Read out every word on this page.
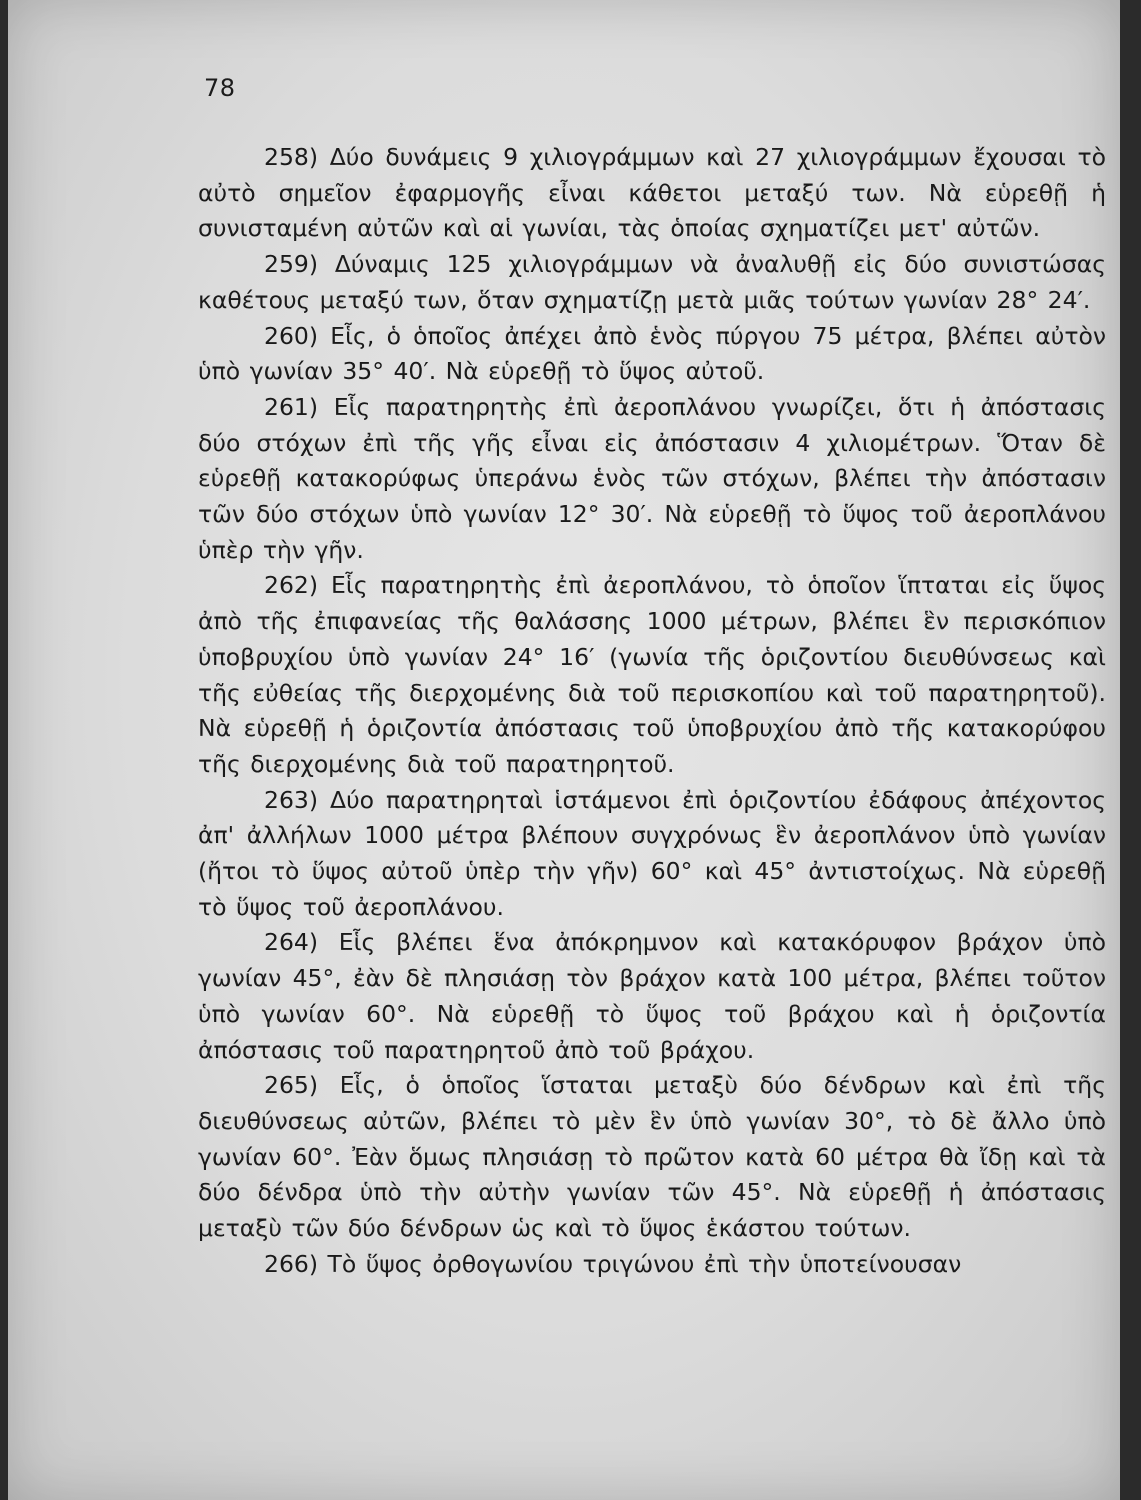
78

258) Δύο δυνάμεις 9 χιλιογράμμων καὶ 27 χιλιογράμμων ἔχουσαι τὸ αὐτὸ σημεῖον ἐφαρμογῆς εἶναι κάθετοι μεταξύ των. Νὰ εὑρεθῇ ἡ συνισταμένη αὐτῶν καὶ αἱ γωνίαι, τὰς ὁποίας σχηματίζει μετ' αὐτῶν.

259) Δύναμις 125 χιλιογράμμων νὰ ἀναλυθῇ εἰς δύο συνιστώσας καθέτους μεταξύ των, ὅταν σχηματίζῃ μετὰ μιᾶς τούτων γωνίαν 28° 24′.

260) Εἷς, ὁ ὁποῖος ἀπέχει ἀπὸ ἑνὸς πύργου 75 μέτρα, βλέπει αὐτὸν ὑπὸ γωνίαν 35° 40′. Νὰ εὑρεθῇ τὸ ὕψος αὐτοῦ.

261) Εἷς παρατηρητὴς ἐπὶ ἀεροπλάνου γνωρίζει, ὅτι ἡ ἀπόστασις δύο στόχων ἐπὶ τῆς γῆς εἶναι εἰς ἀπόστασιν 4 χιλιομέτρων. Ὅταν δὲ εὑρεθῇ κατακορύφως ὑπεράνω ἑνὸς τῶν στόχων, βλέπει τὴν ἀπόστασιν τῶν δύο στόχων ὑπὸ γωνίαν 12° 30′. Νὰ εὑρεθῇ τὸ ὕψος τοῦ ἀεροπλάνου ὑπὲρ τὴν γῆν.

262) Εἷς παρατηρητὴς ἐπὶ ἀεροπλάνου, τὸ ὁποῖον ἵπταται εἰς ὕψος ἀπὸ τῆς ἐπιφανείας τῆς θαλάσσης 1000 μέτρων, βλέπει ἓν περισκόπιον ὑποβρυχίου ὑπὸ γωνίαν 24° 16′ (γωνία τῆς ὁριζοντίου διευθύνσεως καὶ τῆς εὐθείας τῆς διερχομένης διὰ τοῦ περισκοπίου καὶ τοῦ παρατηρητοῦ). Νὰ εὑρεθῇ ἡ ὁριζοντία ἀπόστασις τοῦ ὑποβρυχίου ἀπὸ τῆς κατακορύφου τῆς διερχομένης διὰ τοῦ παρατηρητοῦ.

263) Δύο παρατηρηταὶ ἱστάμενοι ἐπὶ ὁριζοντίου ἐδάφους ἀπέχοντος ἀπ' ἀλλήλων 1000 μέτρα βλέπουν συγχρόνως ἓν ἀεροπλάνον ὑπὸ γωνίαν (ἤτοι τὸ ὕψος αὐτοῦ ὑπὲρ τὴν γῆν) 60° καὶ 45° ἀντιστοίχως. Νὰ εὑρεθῇ τὸ ὕψος τοῦ ἀεροπλάνου.

264) Εἷς βλέπει ἕνα ἀπόκρημνον καὶ κατακόρυφον βράχον ὑπὸ γωνίαν 45°, ἐὰν δὲ πλησιάσῃ τὸν βράχον κατὰ 100 μέτρα, βλέπει τοῦτον ὑπὸ γωνίαν 60°. Νὰ εὑρεθῇ τὸ ὕψος τοῦ βράχου καὶ ἡ ὁριζοντία ἀπόστασις τοῦ παρατηρητοῦ ἀπὸ τοῦ βράχου.

265) Εἷς, ὁ ὁποῖος ἵσταται μεταξὺ δύο δένδρων καὶ ἐπὶ τῆς διευθύνσεως αὐτῶν, βλέπει τὸ μὲν ἓν ὑπὸ γωνίαν 30°, τὸ δὲ ἄλλο ὑπὸ γωνίαν 60°. Ἐὰν ὅμως πλησιάσῃ τὸ πρῶτον κατὰ 60 μέτρα θὰ ἴδῃ καὶ τὰ δύο δένδρα ὑπὸ τὴν αὐτὴν γωνίαν τῶν 45°. Νὰ εὑρεθῇ ἡ ἀπόστασις μεταξὺ τῶν δύο δένδρων ὡς καὶ τὸ ὕψος ἑκάστου τούτων.

266) Τὸ ὕψος ὀρθογωνίου τριγώνου ἐπὶ τὴν ὑποτείνουσαν
